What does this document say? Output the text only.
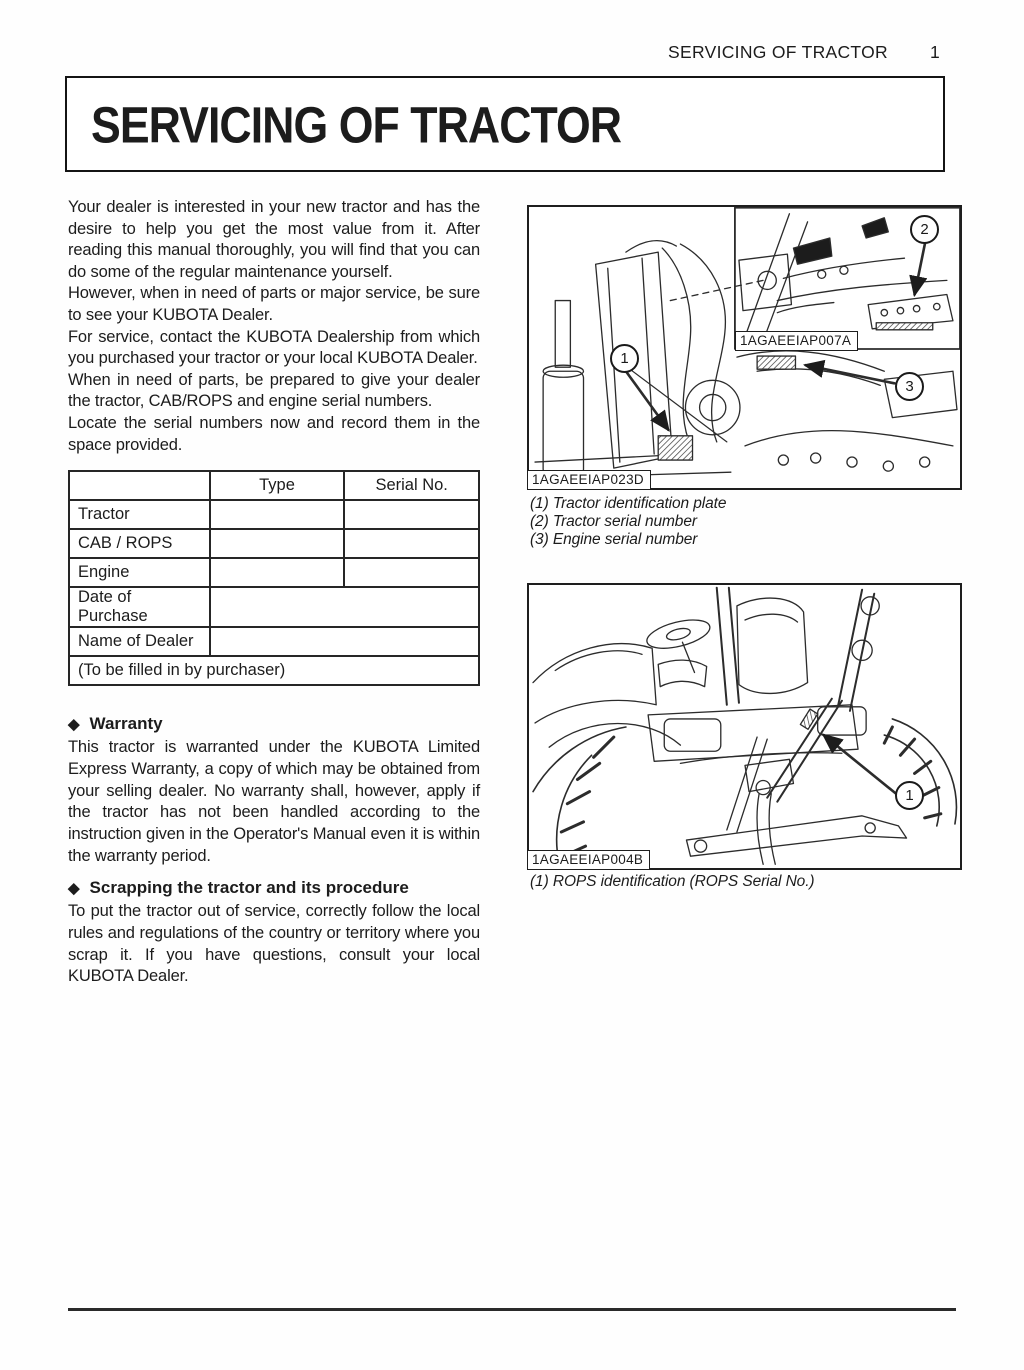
SERVICING OF TRACTOR 1
SERVICING OF TRACTOR

Your dealer is interested in your new tractor and has the desire to help you get the most value from it. After reading this manual thoroughly, you will find that you can do some of the regular maintenance yourself.

However, when in need of parts or major service, be sure to see your KUBOTA Dealer.

For service, contact the KUBOTA Dealership from which you purchased your tractor or your local KUBOTA Dealer.

When in need of parts, be prepared to give your dealer the tractor, CAB/ROPS and engine serial numbers.

Locate the serial numbers now and record them in the space provided.

	Type	Serial No.
Tractor		
CAB / ROPS		
Engine		
Date of Purchase		
Name of Dealer		
(To be filled in by purchaser)		
◆ Warranty

This tractor is warranted under the KUBOTA Limited Express Warranty, a copy of which may be obtained from your selling dealer. No warranty shall, however, apply if the tractor has not been handled according to the instruction given in the Operator's Manual even it is within the warranty period.

◆ Scrapping the tractor and its procedure

To put the tractor out of service, correctly follow the local rules and regulations of the country or territory where you scrap it. If you have questions, consult your local KUBOTA Dealer.

1
2
3
1AGAEEIAP007A
1AGAEEIAP023D
(1) Tractor identification plate
(2) Tractor serial number
(3) Engine serial number
1
1AGAEEIAP004B
(1) ROPS identification (ROPS Serial No.)
